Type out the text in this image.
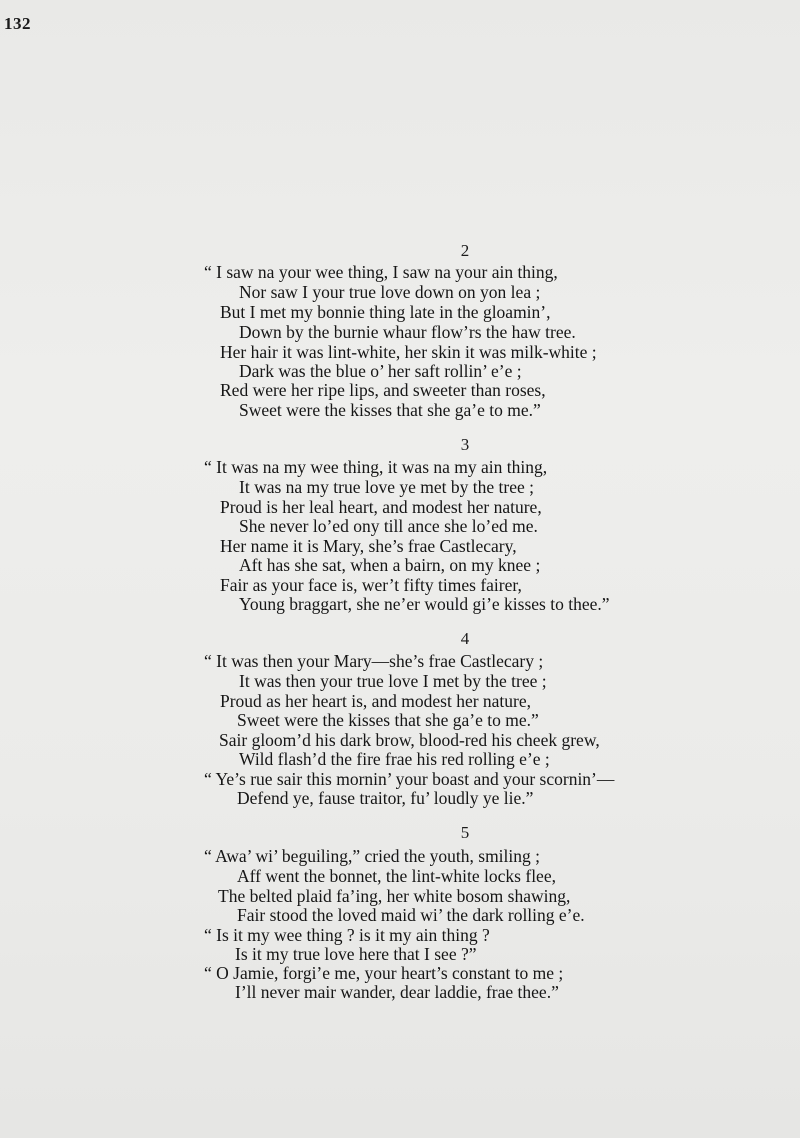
132
2
“ I saw na your wee thing, I saw na your ain thing,
Nor saw I your true love down on yon lea ;
But I met my bonnie thing late in the gloamin’,
Down by the burnie whaur flow’rs the haw tree.
Her hair it was lint-white, her skin it was milk-white ;
Dark was the blue o’ her saft rollin’ e’e ;
Red were her ripe lips, and sweeter than roses,
Sweet were the kisses that she ga’e to me.”
3
“ It was na my wee thing, it was na my ain thing,
It was na my true love ye met by the tree ;
Proud is her leal heart, and modest her nature,
She never lo’ed ony till ance she lo’ed me.
Her name it is Mary, she’s frae Castlecary,
Aft has she sat, when a bairn, on my knee ;
Fair as your face is, wer’t fifty times fairer,
Young braggart, she ne’er would gi’e kisses to thee.”
4
“ It was then your Mary—she’s frae Castlecary ;
It was then your true love I met by the tree ;
Proud as her heart is, and modest her nature,
Sweet were the kisses that she ga’e to me.”
Sair gloom’d his dark brow, blood-red his cheek grew,
Wild flash’d the fire frae his red rolling e’e ;
“ Ye’s rue sair this mornin’ your boast and your scornin’—
Defend ye, fause traitor, fu’ loudly ye lie.”
5
“ Awa’ wi’ beguiling,” cried the youth, smiling ;
Aff went the bonnet, the lint-white locks flee,
The belted plaid fa’ing, her white bosom shawing,
Fair stood the loved maid wi’ the dark rolling e’e.
“ Is it my wee thing ? is it my ain thing ?
Is it my true love here that I see ?”
“ O Jamie, forgi’e me, your heart’s constant to me ;
I’ll never mair wander, dear laddie, frae thee.”
